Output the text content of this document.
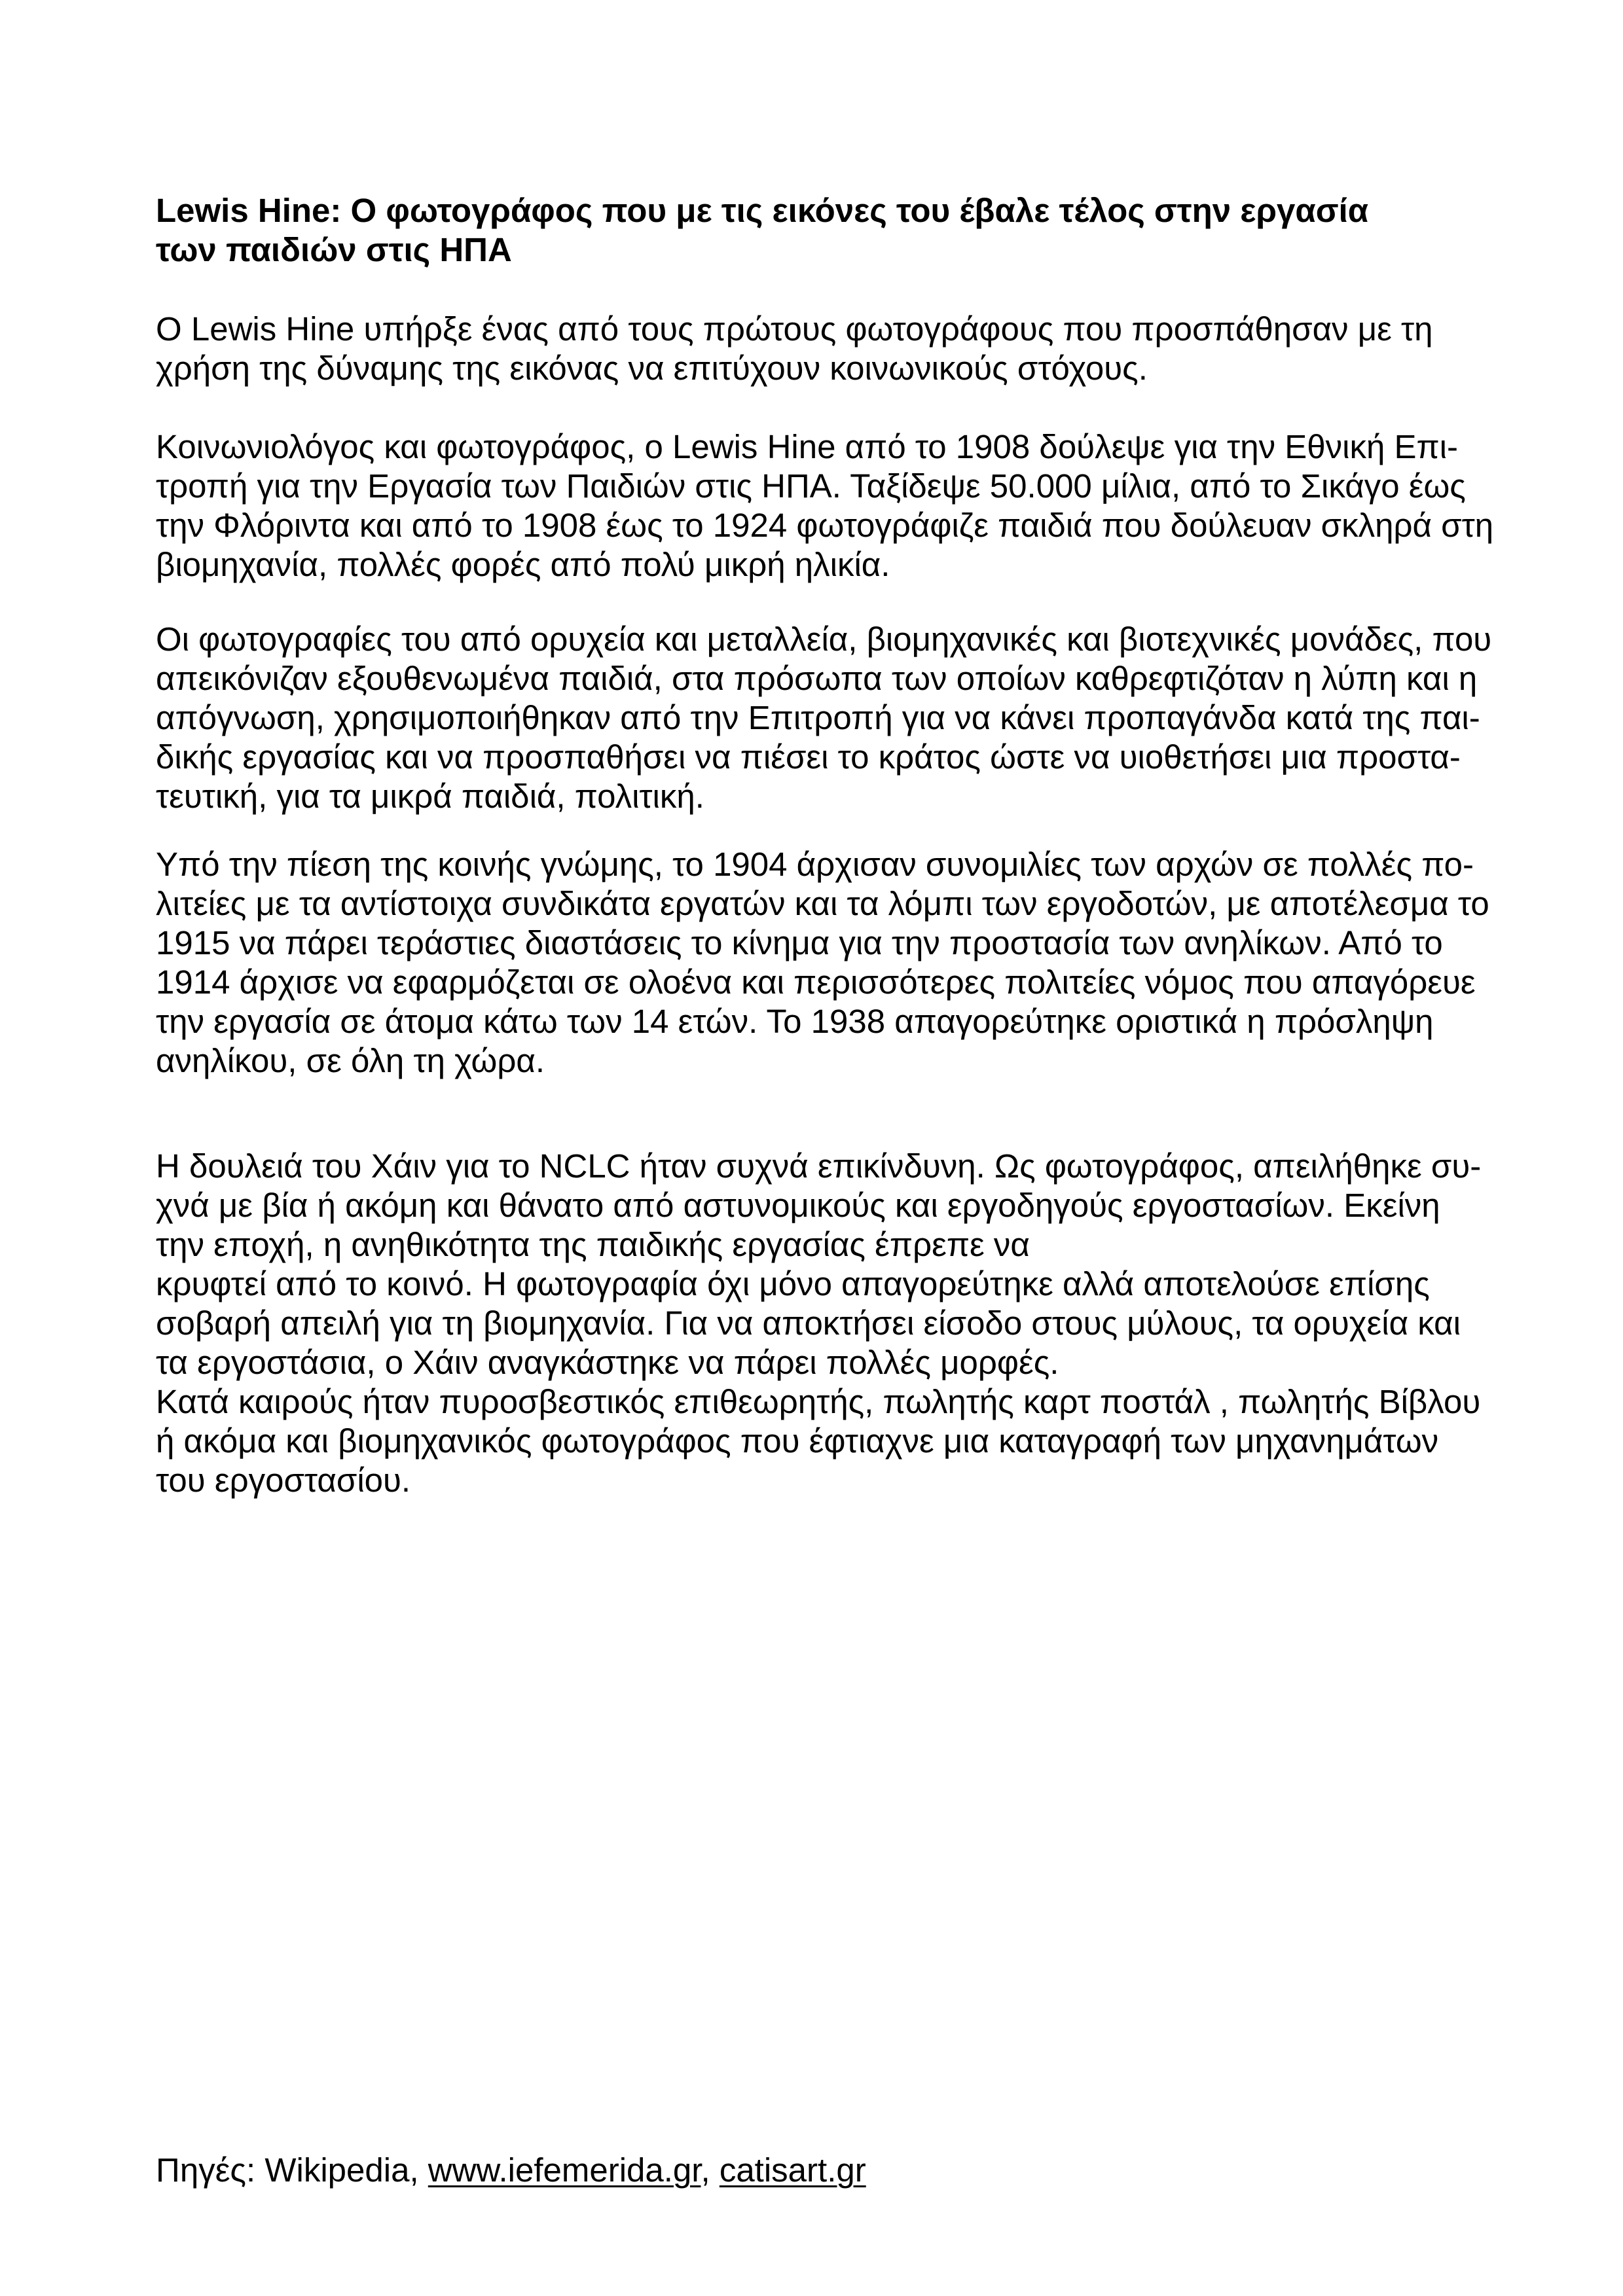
Lewis Hine: Ο φωτογράφος που με τις εικόνες του έβαλε τέλος στην εργασία
των παιδιών στις ΗΠΑ

Ο Lewis Hine υπήρξε ένας από τους πρώτους φωτογράφους που προσπάθησαν με τη
χρήση της δύναμης της εικόνας να επιτύχουν κοινωνικούς στόχους.

Κοινωνιολόγος και φωτογράφος, ο Lewis Hine από το 1908 δούλεψε για την Εθνική Επι-
τροπή για την Εργασία των Παιδιών στις ΗΠΑ. Ταξίδεψε 50.000 μίλια, από το Σικάγο έως
την Φλόριντα και από το 1908 έως το 1924 φωτογράφιζε παιδιά που δούλευαν σκληρά στη
βιομηχανία, πολλές φορές από πολύ μικρή ηλικία.

Οι φωτογραφίες του από ορυχεία και μεταλλεία, βιομηχανικές και βιοτεχνικές μονάδες, που
απεικόνιζαν εξουθενωμένα παιδιά, στα πρόσωπα των οποίων καθρεφτιζόταν η λύπη και η
απόγνωση, χρησιμοποιήθηκαν από την Επιτροπή για να κάνει προπαγάνδα κατά της παι-
δικής εργασίας και να προσπαθήσει να πιέσει το κράτος ώστε να υιοθετήσει μια προστα-
τευτική, για τα μικρά παιδιά, πολιτική.

Υπό την πίεση της κοινής γνώμης, το 1904 άρχισαν συνομιλίες των αρχών σε πολλές πο-
λιτείες με τα αντίστοιχα συνδικάτα εργατών και τα λόμπι των εργοδοτών, με αποτέλεσμα το
1915 να πάρει τεράστιες διαστάσεις το κίνημα για την προστασία των ανηλίκων. Από το
1914 άρχισε να εφαρμόζεται σε ολοένα και περισσότερες πολιτείες νόμος που απαγόρευε
την εργασία σε άτομα κάτω των 14 ετών. Το 1938 απαγορεύτηκε οριστικά η πρόσληψη
ανηλίκου, σε όλη τη χώρα.

Η δουλειά του Χάιν για το NCLC ήταν συχνά επικίνδυνη. Ως φωτογράφος, απειλήθηκε συ-
χνά με βία ή ακόμη και θάνατο από αστυνομικούς και εργοδηγούς εργοστασίων. Εκείνη
την εποχή, η ανηθικότητα της παιδικής εργασίας έπρεπε να
κρυφτεί από το κοινό. Η φωτογραφία όχι μόνο απαγορεύτηκε αλλά αποτελούσε επίσης
σοβαρή απειλή για τη βιομηχανία. Για να αποκτήσει είσοδο στους μύλους, τα ορυχεία και
τα εργοστάσια, ο Χάιν αναγκάστηκε να πάρει πολλές μορφές.

Κατά καιρούς ήταν πυροσβεστικός επιθεωρητής, πωλητής καρτ ποστάλ , πωλητής Βίβλου
ή ακόμα και βιομηχανικός φωτογράφος που έφτιαχνε μια καταγραφή των μηχανημάτων
του εργοστασίου.

Πηγές: Wikipedia, www.iefemerida.gr, catisart.gr
